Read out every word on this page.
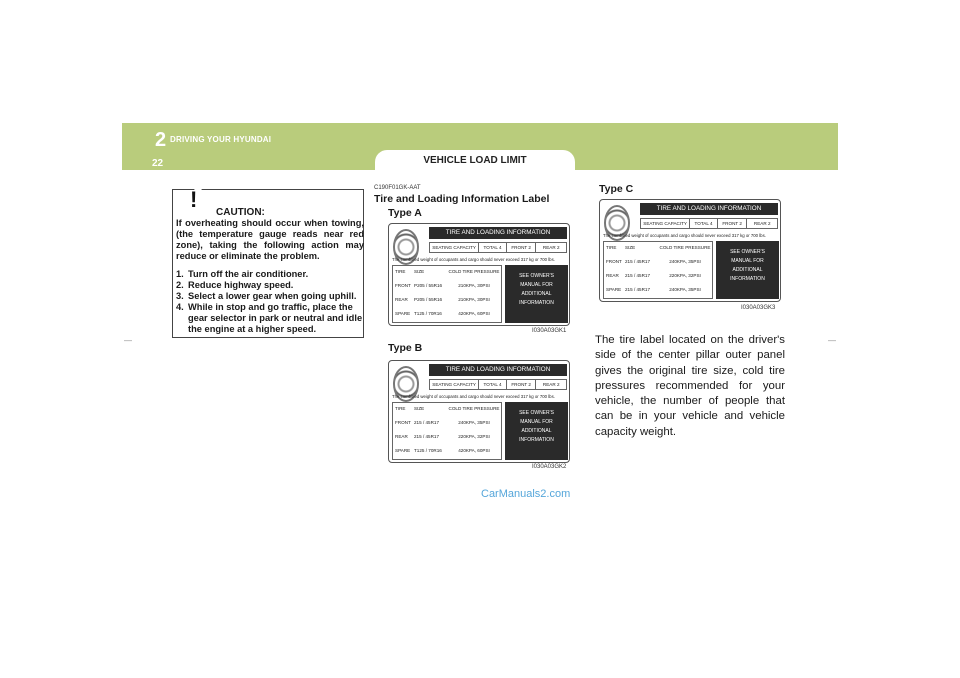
2 DRIVING YOUR HYUNDAI
22	VEHICLE LOAD LIMIT
—	—
!
CAUTION:
If overheating should occur when towing, (the temperature gauge reads near red zone), taking the following action may reduce or eliminate the problem.
1. Turn off the air conditioner.
2. Reduce highway speed.
3. Select a lower gear when going uphill.
4. While in stop and go traffic, place the gear selector in park or neutral and idle the engine at a higher speed.
C190F01GK-AAT
Tire and Loading Information Label
Type A
Type B
Type C
TIRE AND LOADING INFORMATION
SEATING CAPACITY	TOTAL 4	FRONT 2	REAR 2
The combined weight of occupants and cargo should never exceed 317 kg or 700 lbs.
TIRE	SIZE	COLD TIRE PRESSURE
FRONT P205 / 55R16	210KPA, 30PSI
REAR	P205 / 55R16	210KPA, 30PSI
SPARE T125 / 70R16	420KPA, 60PSI
SEE OWNER'S
MANUAL FOR
ADDITIONAL
INFORMATION
I030A03GK1
TIRE AND LOADING INFORMATION
SEATING CAPACITY	TOTAL 4	FRONT 2	REAR 2
The combined weight of occupants and cargo should never exceed 317 kg or 700 lbs.
TIRE	SIZE	COLD TIRE PRESSURE
FRONT 215 / 45R17	240KPA, 35PSI
REAR	215 / 45R17	220KPA, 32PSI
SPARE T125 / 70R16	420KPA, 60PSI
SEE OWNER'S
MANUAL FOR
ADDITIONAL
INFORMATION
I030A03GK2
TIRE AND LOADING INFORMATION
SEATING CAPACITY	TOTAL 4	FRONT 2	REAR 2
The combined weight of occupants and cargo should never exceed 317 kg or 700 lbs.
TIRE	SIZE	COLD TIRE PRESSURE
FRONT 215 / 45R17	240KPA, 35PSI
REAR	215 / 45R17	220KPA, 32PSI
SPARE 215 / 45R17	240KPA, 35PSI
SEE OWNER'S
MANUAL FOR
ADDITIONAL
INFORMATION
I030A03GK3
The tire label located on the driver's side of the center pillar outer panel gives the original tire size, cold tire pressures recommended for your vehicle, the number of people that can be in your vehicle and vehicle capacity weight.
CarManuals2.com
